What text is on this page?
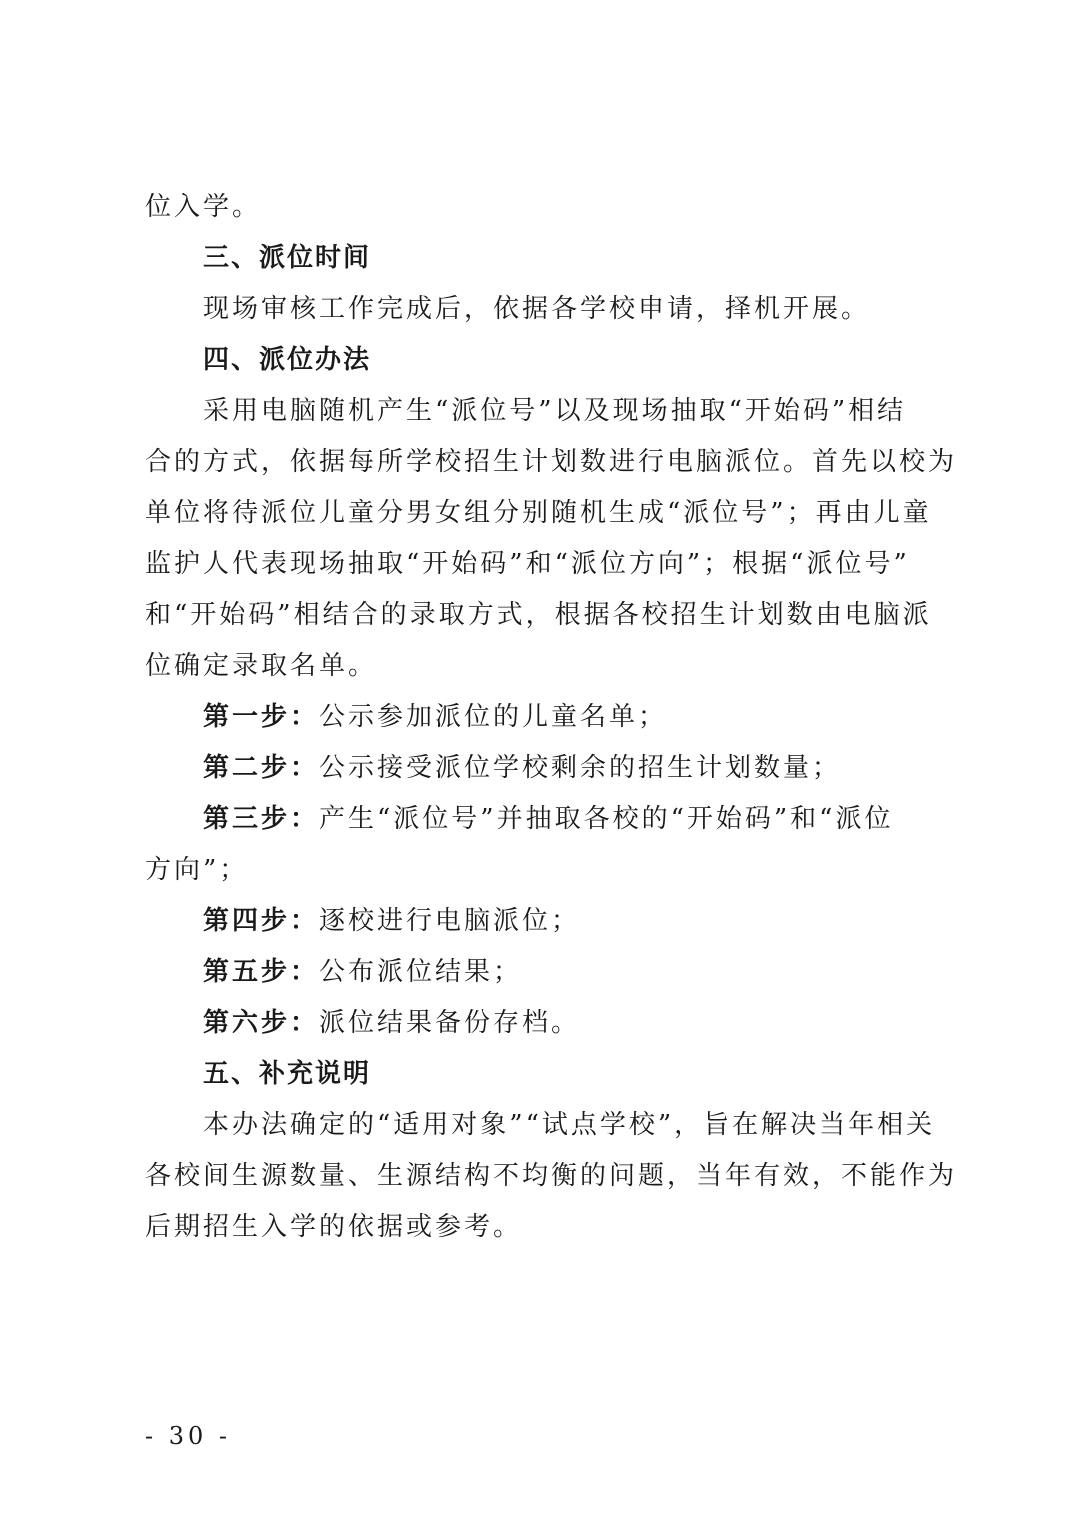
位入学。
三、派位时间
现场审核工作完成后，依据各学校申请，择机开展。
四、派位办法
采用电脑随机产生“派位号”以及现场抽取“开始码”相结
合的方式，依据每所学校招生计划数进行电脑派位。首先以校为
单位将待派位儿童分男女组分别随机生成“派位号”；再由儿童
监护人代表现场抽取“开始码”和“派位方向”；根据“派位号”
和“开始码”相结合的录取方式，根据各校招生计划数由电脑派
位确定录取名单。
第一步：公示参加派位的儿童名单；
第二步：公示接受派位学校剩余的招生计划数量；
第三步：产生“派位号”并抽取各校的“开始码”和“派位
方向”；
第四步：逐校进行电脑派位；
第五步：公布派位结果；
第六步：派位结果备份存档。
五、补充说明
本办法确定的“适用对象”“试点学校”，旨在解决当年相关
各校间生源数量、生源结构不均衡的问题，当年有效，不能作为
后期招生入学的依据或参考。
- 30 -
